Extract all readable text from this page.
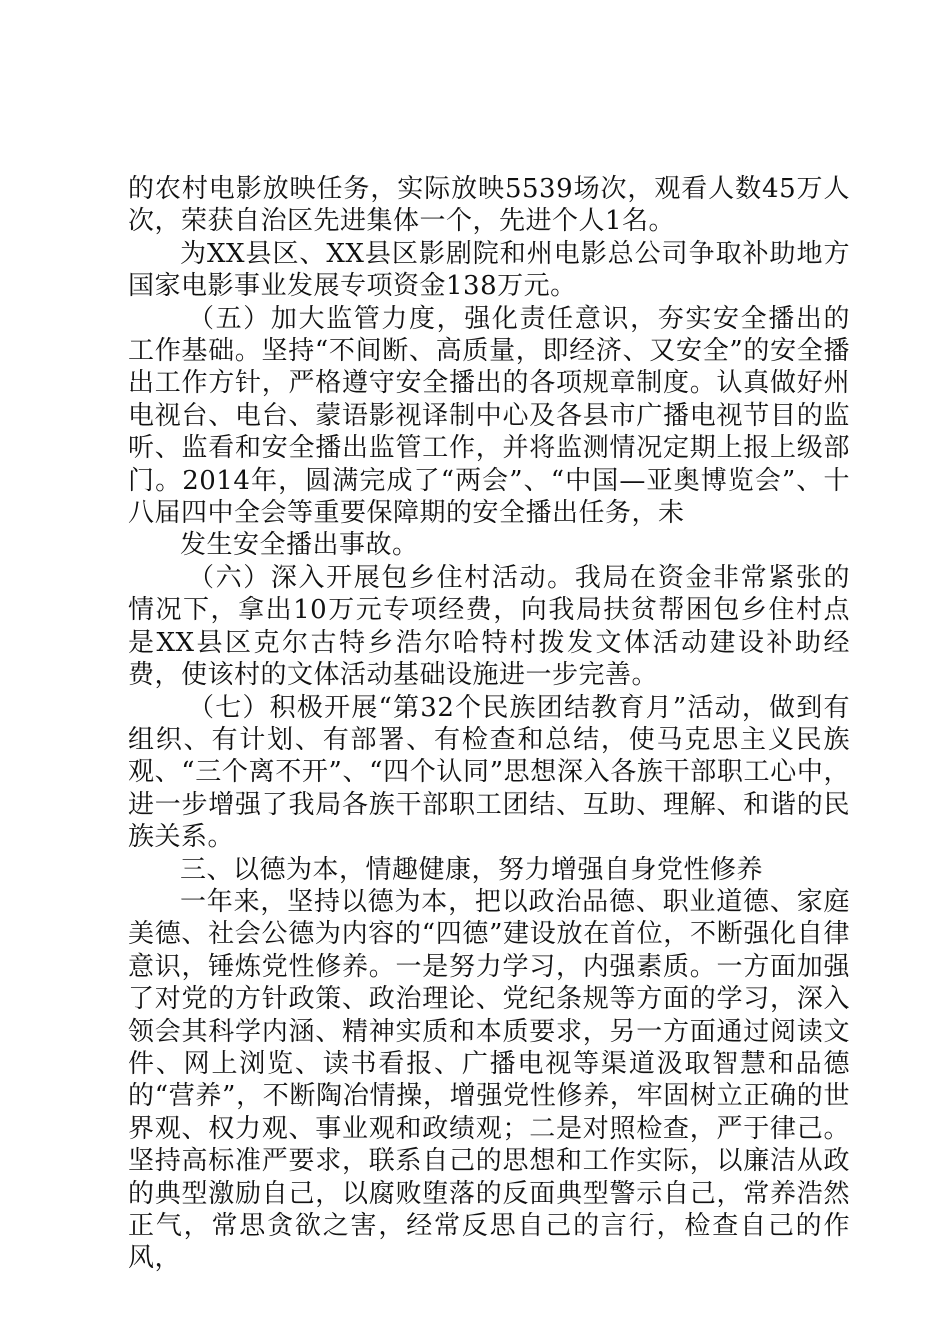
的农村电影放映任务，实际放映5539场次，观看人数45万人次，荣获自治区先进集体一个，先进个人1名。

为XX县区、XX县区影剧院和州电影总公司争取补助地方国家电影事业发展专项资金138万元。

（五）加大监管力度，强化责任意识，夯实安全播出的工作基础。坚持“不间断、高质量，即经济、又安全”的安全播出工作方针，严格遵守安全播出的各项规章制度。认真做好州电视台、电台、蒙语影视译制中心及各县市广播电视节目的监听、监看和安全播出监管工作，并将监测情况定期上报上级部门。2014年，圆满完成了“两会”、“中国—亚奥博览会”、十八届四中全会等重要保障期的安全播出任务，未

发生安全播出事故。

（六）深入开展包乡住村活动。我局在资金非常紧张的情况下，拿出10万元专项经费，向我局扶贫帮困包乡住村点是XX县区克尔古特乡浩尔哈特村拨发文体活动建设补助经费，使该村的文体活动基础设施进一步完善。

（七）积极开展“第32个民族团结教育月”活动，做到有组织、有计划、有部署、有检查和总结，使马克思主义民族观、“三个离不开”、“四个认同”思想深入各族干部职工心中，进一步增强了我局各族干部职工团结、互助、理解、和谐的民族关系。

三、以德为本，情趣健康，努力增强自身党性修养

一年来，坚持以德为本，把以政治品德、职业道德、家庭美德、社会公德为内容的“四德”建设放在首位，不断强化自律意识，锤炼党性修养。一是努力学习，内强素质。一方面加强了对党的方针政策、政治理论、党纪条规等方面的学习，深入领会其科学内涵、精神实质和本质要求，另一方面通过阅读文件、网上浏览、读书看报、广播电视等渠道汲取智慧和品德的“营养”，不断陶冶情操，增强党性修养，牢固树立正确的世界观、权力观、事业观和政绩观；二是对照检查，严于律己。坚持高标准严要求，联系自己的思想和工作实际，以廉洁从政的典型激励自己，以腐败堕落的反面典型警示自己，常养浩然正气，常思贪欲之害，经常反思自己的言行，检查自己的作风，
